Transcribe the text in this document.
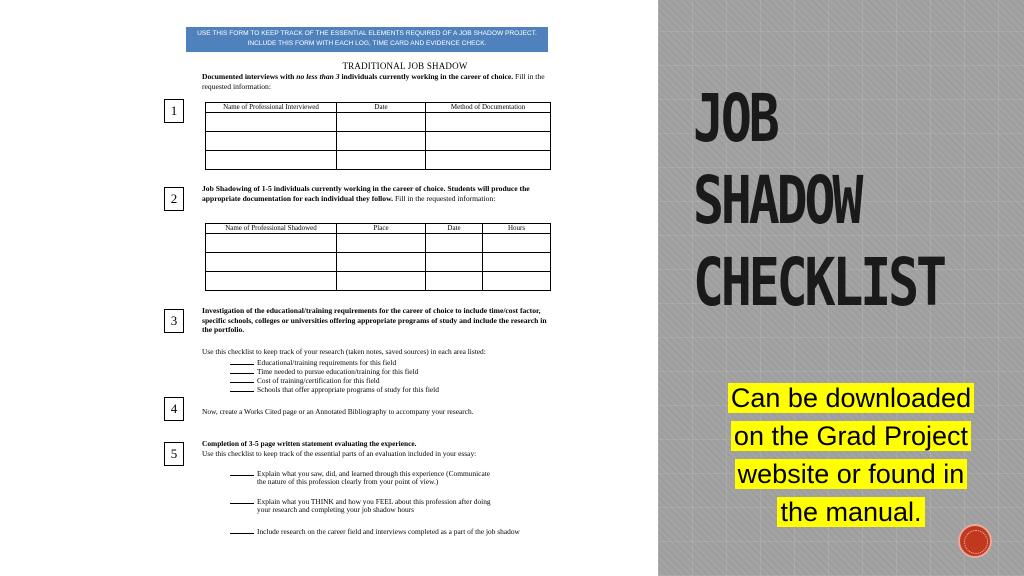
USE THIS FORM TO KEEP TRACK OF THE ESSENTIAL ELEMENTS REQUIRED OF A JOB SHADOW PROJECT.
INCLUDE THIS FORM WITH EACH LOG, TIME CARD AND EVIDENCE CHECK.
TRADITIONAL JOB SHADOW
1
Documented interviews with no less than 3 individuals currently working in the career of choice. Fill in the requested information:
Name of Professional Interviewed	Date	Method of Documentation

2
Job Shadowing of 1-5 individuals currently working in the career of choice. Students will produce the appropriate documentation for each individual they follow. Fill in the requested information:
Name of Professional Shadowed	Place	Date	Hours

3
Investigation of the educational/training requirements for the career of choice to include time/cost factor, specific schools, colleges or universities offering appropriate programs of study and include the research in the portfolio.
Use this checklist to keep track of your research (taken notes, saved sources) in each area listed:
Educational/training requirements for this field
Time needed to pursue education/training for this field
Cost of training/certification for this field
Schools that offer appropriate programs of study for this field
4	Now, create a Works Cited page or an Annotated Bibliography to accompany your research.
5
Completion of 3-5 page written statement evaluating the experience.
Use this checklist to keep track of the essential parts of an evaluation included in your essay:
Explain what you saw, did, and learned through this experience (Communicate
the nature of this profession clearly from your point of view.)
Explain what you THINK and how you FEEL about this profession after doing
your research and completing your job shadow hours
Include research on the career field and interviews completed as a part of the job shadow
JOB
SHADOW
CHECKLIST
Can be downloaded
on the Grad Project
website or found in
the manual.
